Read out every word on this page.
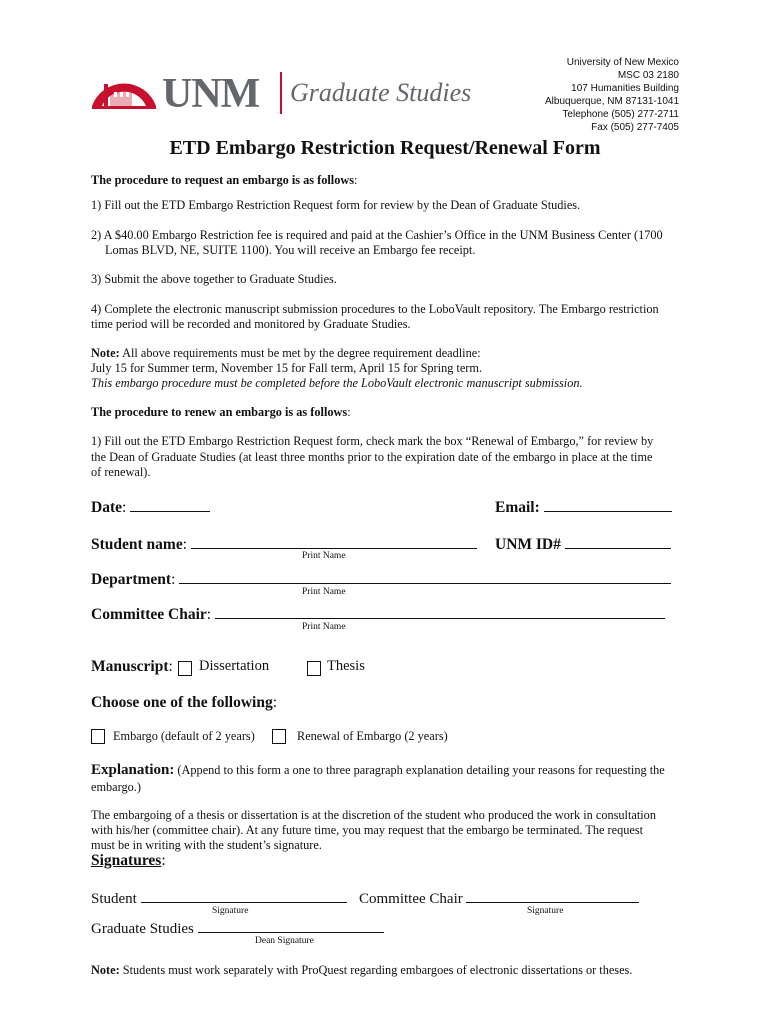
UNM Graduate Studies
University of New Mexico
MSC 03 2180
107 Humanities Building
Albuquerque, NM 87131-1041
Telephone (505) 277-2711
Fax (505) 277-7405
ETD Embargo Restriction Request/Renewal Form
The procedure to request an embargo is as follows:
1) Fill out the ETD Embargo Restriction Request form for review by the Dean of Graduate Studies.
2) A $40.00 Embargo Restriction fee is required and paid at the Cashier’s Office in the UNM Business Center (1700
Lomas BLVD, NE, SUITE 1100). You will receive an Embargo fee receipt.
3) Submit the above together to Graduate Studies.
4) Complete the electronic manuscript submission procedures to the LoboVault repository. The Embargo restriction
time period will be recorded and monitored by Graduate Studies.
Note: All above requirements must be met by the degree requirement deadline:
July 15 for Summer term, November 15 for Fall term, April 15 for Spring term.
This embargo procedure must be completed before the LoboVault electronic manuscript submission.
The procedure to renew an embargo is as follows:
1) Fill out the ETD Embargo Restriction Request form, check mark the box “Renewal of Embargo,” for review by
the Dean of Graduate Studies (at least three months prior to the expiration date of the embargo in place at the time
of renewal).
Date:	Email:
Student name:	UNM ID#
Print Name
Department:
Print Name
Committee Chair:
Print Name
Manuscript: Dissertation	Thesis
Choose one of the following:
Embargo (default of 2 years)	Renewal of Embargo (2 years)
Explanation: (Append to this form a one to three paragraph explanation detailing your reasons for requesting the
embargo.)
The embargoing of a thesis or dissertation is at the discretion of the student who produced the work in consultation
with his/her (committee chair). At any future time, you may request that the embargo be terminated. The request
must be in writing with the student’s signature.
Signatures:
Student	Committee Chair
Signature	Signature
Graduate Studies
Dean Signature
Note: Students must work separately with ProQuest regarding embargoes of electronic dissertations or theses.
